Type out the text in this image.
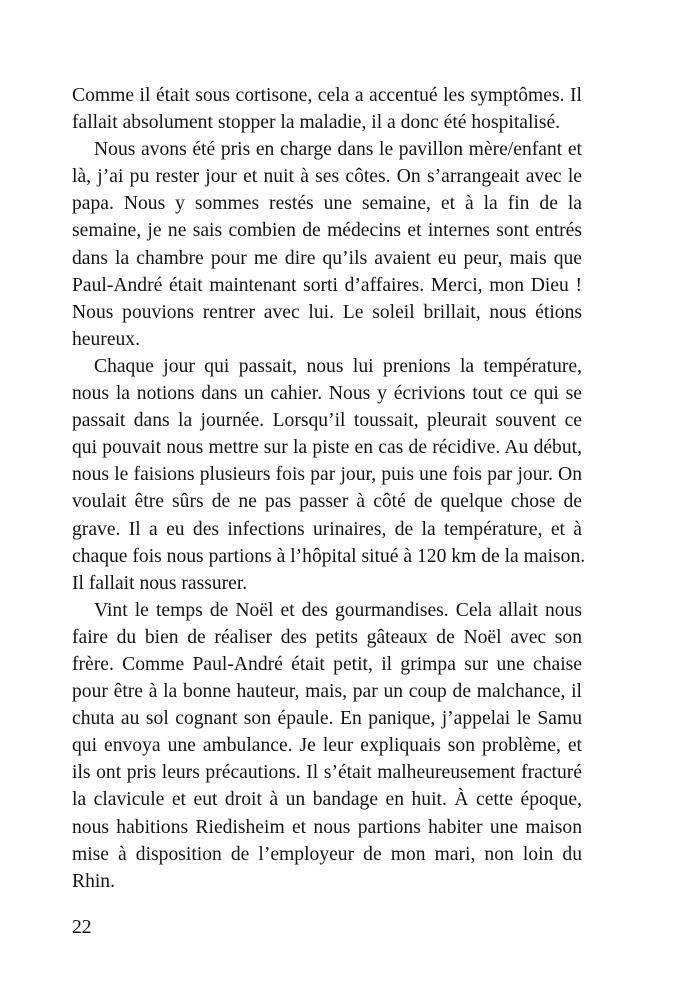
Comme il était sous cortisone, cela a accentué les symptômes. Il
fallait absolument stopper la maladie, il a donc été hospitalisé.
Nous avons été pris en charge dans le pavillon mère/enfant et
là, j’ai pu rester jour et nuit à ses côtes. On s’arrangeait avec le
papa. Nous y sommes restés une semaine, et à la fin de la
semaine, je ne sais combien de médecins et internes sont entrés
dans la chambre pour me dire qu’ils avaient eu peur, mais que
Paul-André était maintenant sorti d’affaires. Merci, mon Dieu !
Nous pouvions rentrer avec lui. Le soleil brillait, nous étions
heureux.
Chaque jour qui passait, nous lui prenions la température,
nous la notions dans un cahier. Nous y écrivions tout ce qui se
passait dans la journée. Lorsqu’il toussait, pleurait souvent ce
qui pouvait nous mettre sur la piste en cas de récidive. Au début,
nous le faisions plusieurs fois par jour, puis une fois par jour. On
voulait être sûrs de ne pas passer à côté de quelque chose de
grave. Il a eu des infections urinaires, de la température, et à
chaque fois nous partions à l’hôpital situé à 120 km de la maison.
Il fallait nous rassurer.
Vint le temps de Noël et des gourmandises. Cela allait nous
faire du bien de réaliser des petits gâteaux de Noël avec son
frère. Comme Paul-André était petit, il grimpa sur une chaise
pour être à la bonne hauteur, mais, par un coup de malchance, il
chuta au sol cognant son épaule. En panique, j’appelai le Samu
qui envoya une ambulance. Je leur expliquais son problème, et
ils ont pris leurs précautions. Il s’était malheureusement fracturé
la clavicule et eut droit à un bandage en huit. À cette époque,
nous habitions Riedisheim et nous partions habiter une maison
mise à disposition de l’employeur de mon mari, non loin du
Rhin.
22
